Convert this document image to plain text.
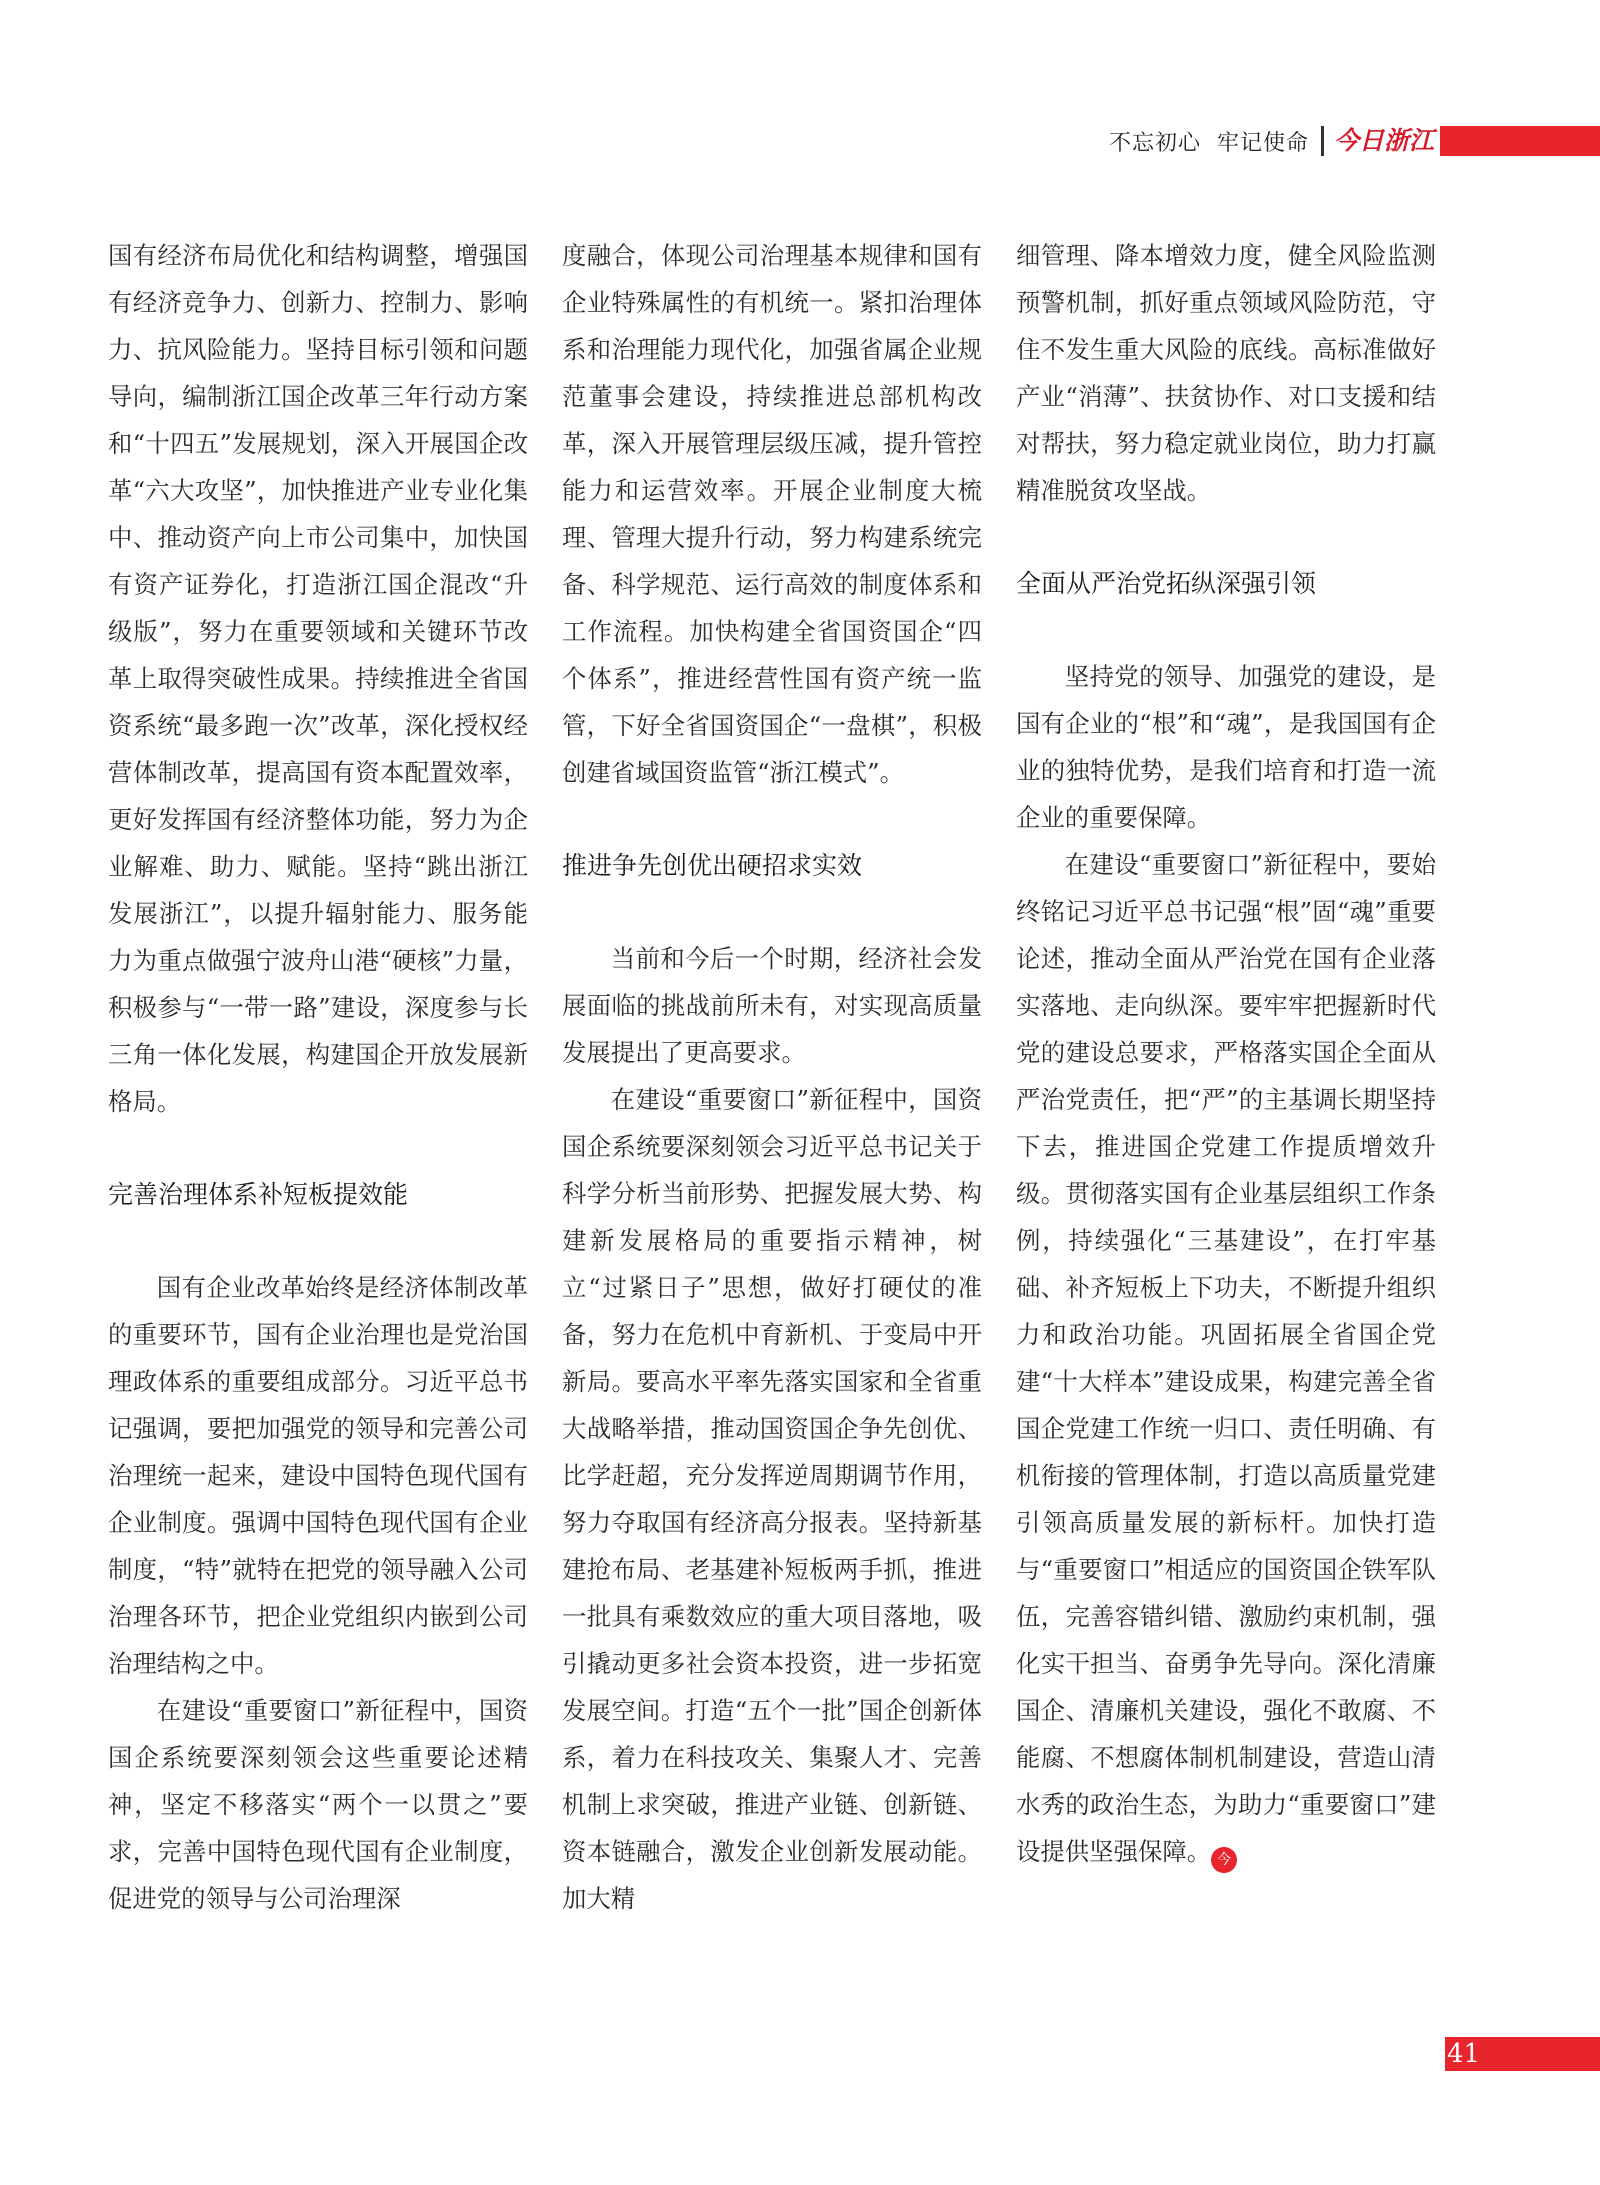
不忘初心  牢记使命	今日浙江

国有经济布局优化和结构调整，增强国有经济竞争力、创新力、控制力、影响力、抗风险能力。坚持目标引领和问题导向，编制浙江国企改革三年行动方案和“十四五”发展规划，深入开展国企改革“六大攻坚”，加快推进产业专业化集中、推动资产向上市公司集中，加快国有资产证券化，打造浙江国企混改“升级版”，努力在重要领域和关键环节改革上取得突破性成果。持续推进全省国资系统“最多跑一次”改革，深化授权经营体制改革，提高国有资本配置效率，更好发挥国有经济整体功能，努力为企业解难、助力、赋能。坚持“跳出浙江发展浙江”，以提升辐射能力、服务能力为重点做强宁波舟山港“硬核”力量，积极参与“一带一路”建设，深度参与长三角一体化发展，构建国企开放发展新格局。

完善治理体系补短板提效能

国有企业改革始终是经济体制改革的重要环节，国有企业治理也是党治国理政体系的重要组成部分。习近平总书记强调，要把加强党的领导和完善公司治理统一起来，建设中国特色现代国有企业制度。强调中国特色现代国有企业制度，“特”就特在把党的领导融入公司治理各环节，把企业党组织内嵌到公司治理结构之中。

在建设“重要窗口”新征程中，国资国企系统要深刻领会这些重要论述精神，坚定不移落实“两个一以贯之”要求，完善中国特色现代国有企业制度，促进党的领导与公司治理深

度融合，体现公司治理基本规律和国有企业特殊属性的有机统一。紧扣治理体系和治理能力现代化，加强省属企业规范董事会建设，持续推进总部机构改革，深入开展管理层级压减，提升管控能力和运营效率。开展企业制度大梳理、管理大提升行动，努力构建系统完备、科学规范、运行高效的制度体系和工作流程。加快构建全省国资国企“四个体系”，推进经营性国有资产统一监管，下好全省国资国企“一盘棋”，积极创建省域国资监管“浙江模式”。

推进争先创优出硬招求实效

当前和今后一个时期，经济社会发展面临的挑战前所未有，对实现高质量发展提出了更高要求。

在建设“重要窗口”新征程中，国资国企系统要深刻领会习近平总书记关于科学分析当前形势、把握发展大势、构建新发展格局的重要指示精神，树立“过紧日子”思想，做好打硬仗的准备，努力在危机中育新机、于变局中开新局。要高水平率先落实国家和全省重大战略举措，推动国资国企争先创优、比学赶超，充分发挥逆周期调节作用，努力夺取国有经济高分报表。坚持新基建抢布局、老基建补短板两手抓，推进一批具有乘数效应的重大项目落地，吸引撬动更多社会资本投资，进一步拓宽发展空间。打造“五个一批”国企创新体系，着力在科技攻关、集聚人才、完善机制上求突破，推进产业链、创新链、资本链融合，激发企业创新发展动能。加大精

细管理、降本增效力度，健全风险监测预警机制，抓好重点领域风险防范，守住不发生重大风险的底线。高标准做好产业“消薄”、扶贫协作、对口支援和结对帮扶，努力稳定就业岗位，助力打赢精准脱贫攻坚战。

全面从严治党拓纵深强引领

坚持党的领导、加强党的建设，是国有企业的“根”和“魂”，是我国国有企业的独特优势，是我们培育和打造一流企业的重要保障。

在建设“重要窗口”新征程中，要始终铭记习近平总书记强“根”固“魂”重要论述，推动全面从严治党在国有企业落实落地、走向纵深。要牢牢把握新时代党的建设总要求，严格落实国企全面从严治党责任，把“严”的主基调长期坚持下去，推进国企党建工作提质增效升级。贯彻落实国有企业基层组织工作条例，持续强化“三基建设”，在打牢基础、补齐短板上下功夫，不断提升组织力和政治功能。巩固拓展全省国企党建“十大样本”建设成果，构建完善全省国企党建工作统一归口、责任明确、有机衔接的管理体制，打造以高质量党建引领高质量发展的新标杆。加快打造与“重要窗口”相适应的国资国企铁军队伍，完善容错纠错、激励约束机制，强化实干担当、奋勇争先导向。深化清廉国企、清廉机关建设，强化不敢腐、不能腐、不想腐体制机制建设，营造山清水秀的政治生态，为助力“重要窗口”建设提供坚强保障。 今

41
